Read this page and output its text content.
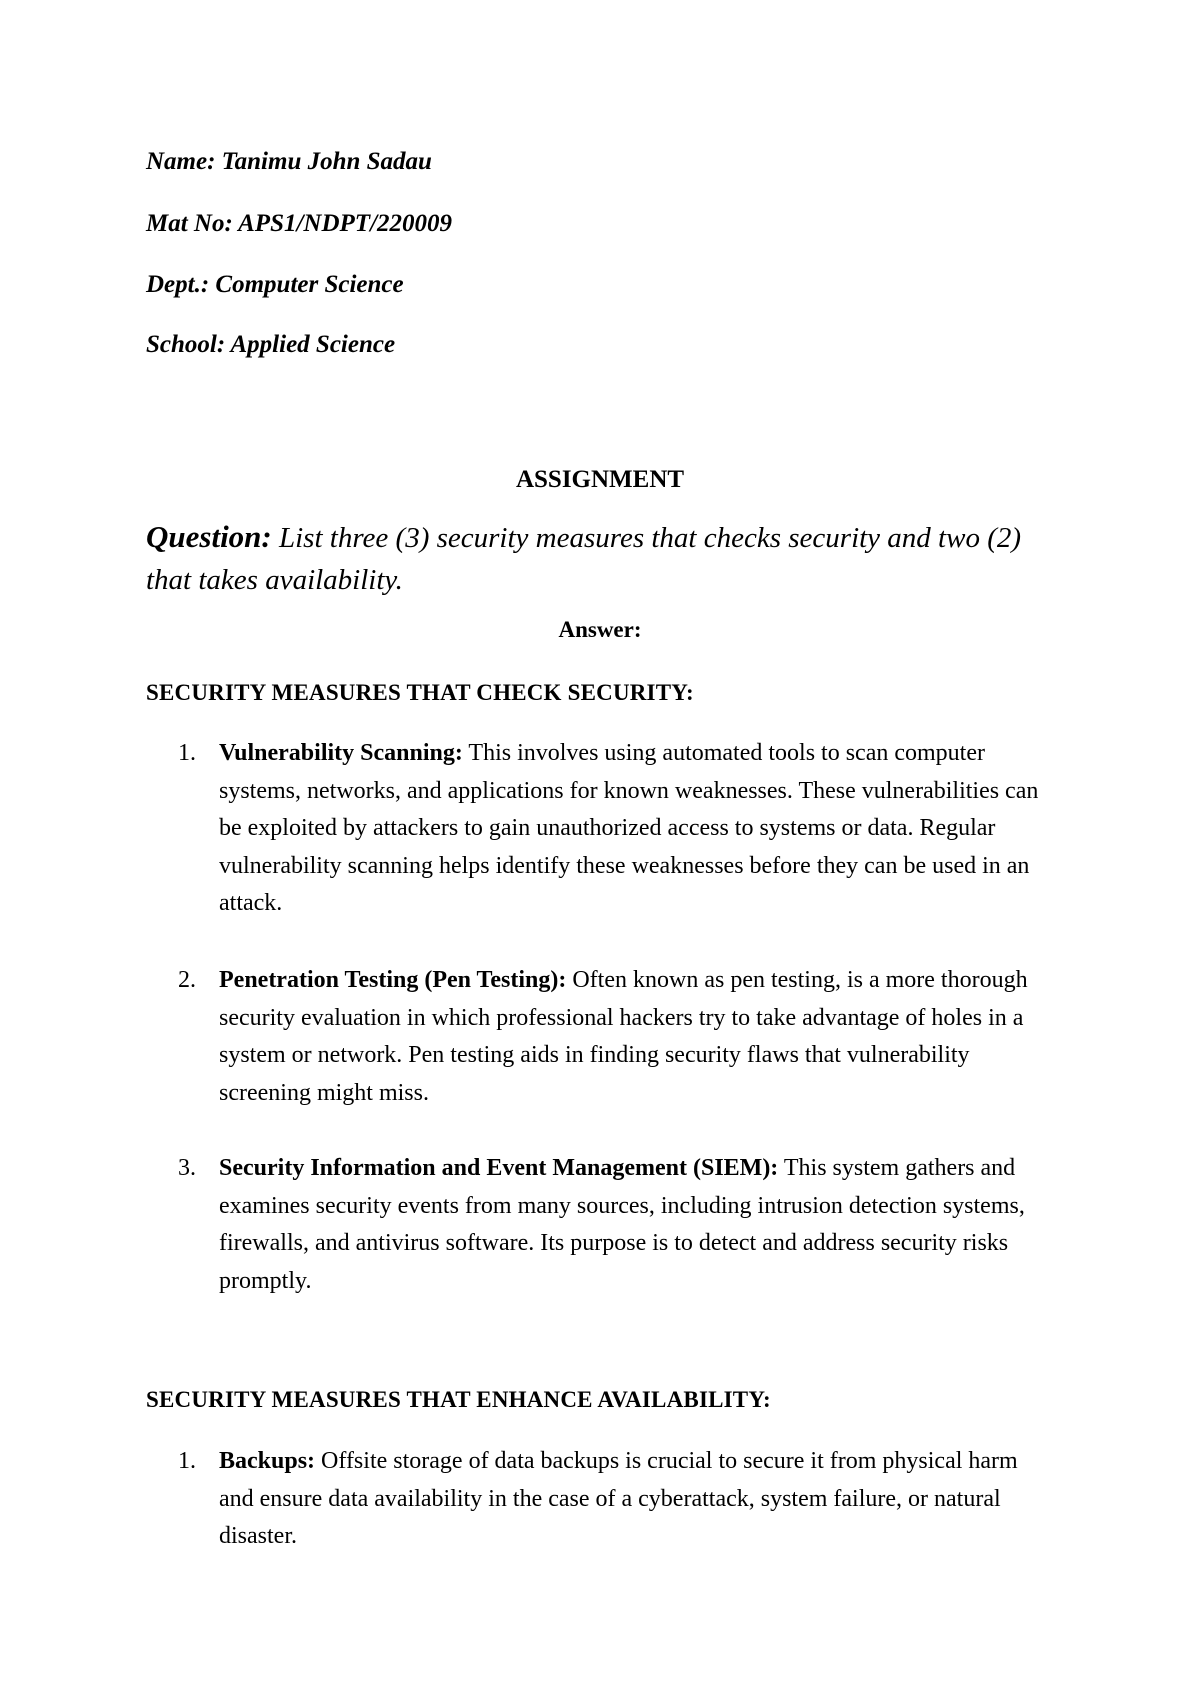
Name: Tanimu John Sadau

Mat No: APS1/NDPT/220009

Dept.: Computer Science

School: Applied Science

ASSIGNMENT

Question: List three (3) security measures that checks security and two (2) that takes availability.

Answer:

SECURITY MEASURES THAT CHECK SECURITY:

1. Vulnerability Scanning: This involves using automated tools to scan computer systems, networks, and applications for known weaknesses. These vulnerabilities can be exploited by attackers to gain unauthorized access to systems or data. Regular vulnerability scanning helps identify these weaknesses before they can be used in an attack.
2. Penetration Testing (Pen Testing): Often known as pen testing, is a more thorough security evaluation in which professional hackers try to take advantage of holes in a system or network. Pen testing aids in finding security flaws that vulnerability screening might miss.
3. Security Information and Event Management (SIEM): This system gathers and examines security events from many sources, including intrusion detection systems, firewalls, and antivirus software. Its purpose is to detect and address security risks promptly.

SECURITY MEASURES THAT ENHANCE AVAILABILITY:

1. Backups: Offsite storage of data backups is crucial to secure it from physical harm and ensure data availability in the case of a cyberattack, system failure, or natural disaster.
